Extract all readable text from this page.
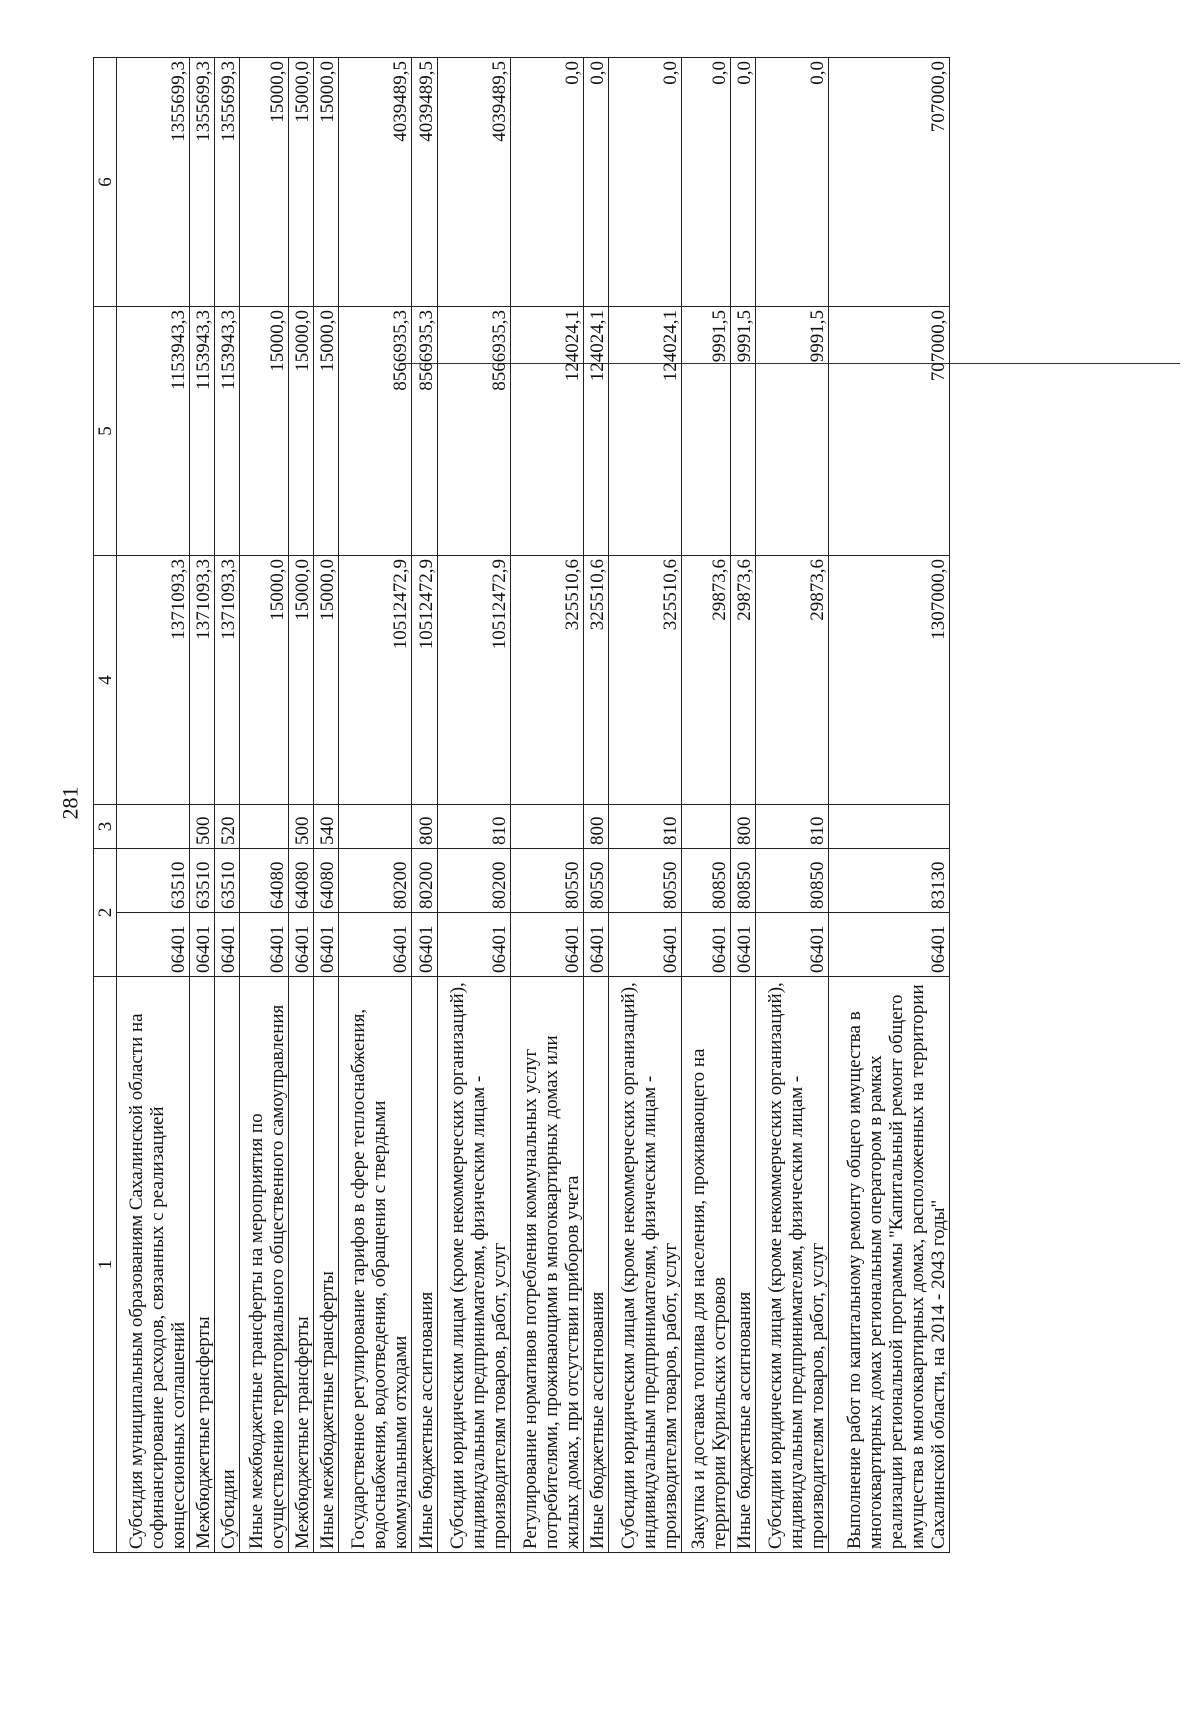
281
1	2		3	4	5	6
Субсидия муниципальным образованиям Сахалинской области на софинансирование расходов, связанных с реализацией концессионных соглашений	06401	63510		1371093,3	1153943,3	1355699,3
Межбюджетные трансферты	06401	63510	500	1371093,3	1153943,3	1355699,3
Субсидии	06401	63510	520	1371093,3	1153943,3	1355699,3
Иные межбюджетные трансферты на мероприятия по осуществлению территориального общественного самоуправления	06401	64080		15000,0	15000,0	15000,0
Межбюджетные трансферты	06401	64080	500	15000,0	15000,0	15000,0
Иные межбюджетные трансферты	06401	64080	540	15000,0	15000,0	15000,0
Государственное регулирование тарифов в сфере теплоснабжения, водоснабжения, водоотведения, обращения с твердыми коммунальными отходами	06401	80200		10512472,9	8566935,3	4039489,5
Иные бюджетные ассигнования	06401	80200	800	10512472,9	8566935,3	4039489,5
Субсидии юридическим лицам (кроме некоммерческих организаций), индивидуальным предпринимателям, физическим лицам - производителям товаров, работ, услуг	06401	80200	810	10512472,9	8566935,3	4039489,5
Регулирование нормативов потребления коммунальных услуг потребителями, проживающими в многоквартирных домах или жилых домах, при отсутствии приборов учета	06401	80550		325510,6	124024,1	0,0
Иные бюджетные ассигнования	06401	80550	800	325510,6	124024,1	0,0
Субсидии юридическим лицам (кроме некоммерческих организаций), индивидуальным предпринимателям, физическим лицам - производителям товаров, работ, услуг	06401	80550	810	325510,6	124024,1	0,0
Закупка и доставка топлива для населения, проживающего на территории Курильских островов	06401	80850		29873,6	9991,5	0,0
Иные бюджетные ассигнования	06401	80850	800	29873,6	9991,5	0,0
Субсидии юридическим лицам (кроме некоммерческих организаций), индивидуальным предпринимателям, физическим лицам - производителям товаров, работ, услуг	06401	80850	810	29873,6	9991,5	0,0
Выполнение работ по капитальному ремонту общего имущества в многоквартирных домах региональным оператором в рамках реализации региональной программы "Капитальный ремонт общего имущества в многоквартирных домах, расположенных на территории Сахалинской области, на 2014 - 2043 годы"	06401	83130		1307000,0	707000,0	707000,0
